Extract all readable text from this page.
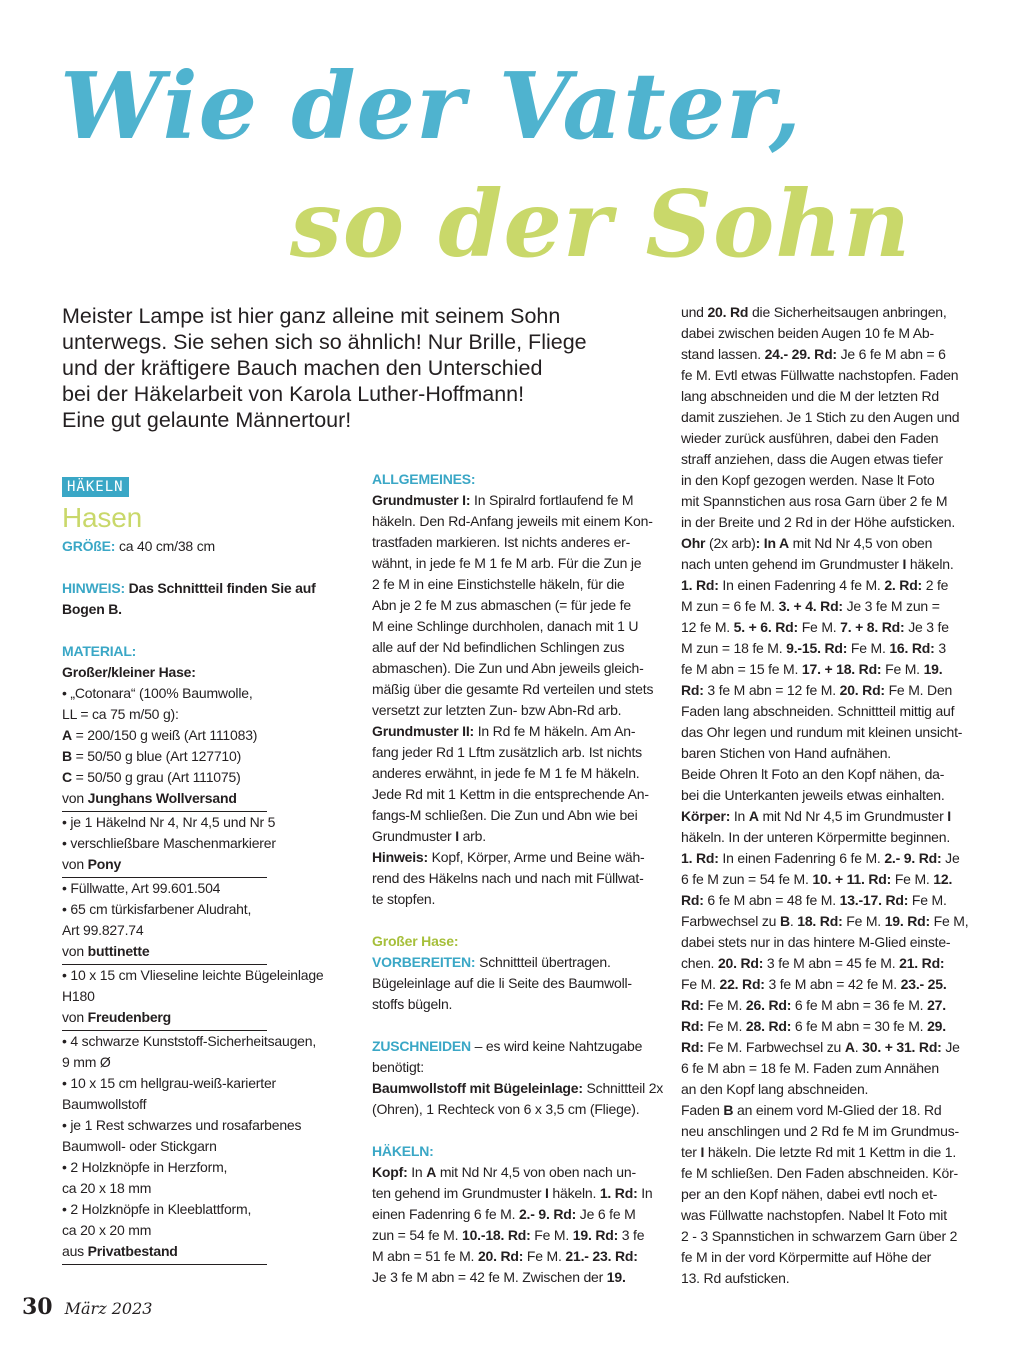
Wie der Vater,
so der Sohn
Meister Lampe ist hier ganz alleine mit seinem Sohn
unterwegs. Sie sehen sich so ähnlich! Nur Brille, Fliege
und der kräftigere Bauch machen den Unterschied
bei der Häkelarbeit von Karola Luther-Hoffmann!
Eine gut gelaunte Männertour!
HÄKELN
Hasen
GRÖßE: ca 40 cm/38 cm
HINWEIS: Das Schnittteil finden Sie auf
Bogen B.
MATERIAL:
Großer/kleiner Hase:
• „Cotonara“ (100% Baumwolle,
LL = ca 75 m/50 g):
A = 200/150 g weiß (Art 111083)
B = 50/50 g blue (Art 127710)
C = 50/50 g grau (Art 111075)
von Junghans Wollversand
• je 1 Häkelnd Nr 4, Nr 4,5 und Nr 5
• verschließbare Maschenmarkierer
von Pony
• Füllwatte, Art 99.601.504
• 65 cm türkisfarbener Aludraht,
Art 99.827.74
von buttinette
• 10 x 15 cm Vlieseline leichte Bügeleinlage
H180
von Freudenberg
• 4 schwarze Kunststoff-Sicherheitsaugen,
9 mm Ø
• 10 x 15 cm hellgrau-weiß-karierter
Baumwollstoff
• je 1 Rest schwarzes und rosafarbenes
Baumwoll- oder Stickgarn
• 2 Holzknöpfe in Herzform,
ca 20 x 18 mm
• 2 Holzknöpfe in Kleeblattform,
ca 20 x 20 mm
aus Privatbestand
ALLGEMEINES:
Grundmuster I: In Spiralrd fortlaufend fe M
häkeln. Den Rd-Anfang jeweils mit einem Kon-
trastfaden markieren. Ist nichts anderes er-
wähnt, in jede fe M 1 fe M arb. Für die Zun je
2 fe M in eine Einstichstelle häkeln, für die
Abn je 2 fe M zus abmaschen (= für jede fe
M eine Schlinge durchholen, danach mit 1 U
alle auf der Nd befindlichen Schlingen zus
abmaschen). Die Zun und Abn jeweils gleich-
mäßig über die gesamte Rd verteilen und stets
versetzt zur letzten Zun- bzw Abn-Rd arb.
Grundmuster II: In Rd fe M häkeln. Am An-
fang jeder Rd 1 Lftm zusätzlich arb. Ist nichts
anderes erwähnt, in jede fe M 1 fe M häkeln.
Jede Rd mit 1 Kettm in die entsprechende An-
fangs-M schließen. Die Zun und Abn wie bei
Grundmuster I arb.
Hinweis: Kopf, Körper, Arme und Beine wäh-
rend des Häkelns nach und nach mit Füllwat-
te stopfen.
Großer Hase:
VORBEREITEN: Schnittteil übertragen.
Bügeleinlage auf die li Seite des Baumwoll-
stoffs bügeln.
ZUSCHNEIDEN – es wird keine Nahtzugabe
benötigt:
Baumwollstoff mit Bügeleinlage: Schnittteil 2x
(Ohren), 1 Rechteck von 6 x 3,5 cm (Fliege).
HÄKELN:
Kopf: In A mit Nd Nr 4,5 von oben nach un-
ten gehend im Grundmuster I häkeln. 1. Rd: In
einen Fadenring 6 fe M. 2.- 9. Rd: Je 6 fe M
zun = 54 fe M. 10.-18. Rd: Fe M. 19. Rd: 3 fe
M abn = 51 fe M. 20. Rd: Fe M. 21.- 23. Rd:
Je 3 fe M abn = 42 fe M. Zwischen der 19.
und 20. Rd die Sicherheitsaugen anbringen,
dabei zwischen beiden Augen 10 fe M Ab-
stand lassen. 24.- 29. Rd: Je 6 fe M abn = 6
fe M. Evtl etwas Füllwatte nachstopfen. Faden
lang abschneiden und die M der letzten Rd
damit zusziehen. Je 1 Stich zu den Augen und
wieder zurück ausführen, dabei den Faden
straff anziehen, dass die Augen etwas tiefer
in den Kopf gezogen werden. Nase lt Foto
mit Spannstichen aus rosa Garn über 2 fe M
in der Breite und 2 Rd in der Höhe aufsticken.
Ohr (2x arb): In A mit Nd Nr 4,5 von oben
nach unten gehend im Grundmuster I häkeln.
1. Rd: In einen Fadenring 4 fe M. 2. Rd: 2 fe
M zun = 6 fe M. 3. + 4. Rd: Je 3 fe M zun =
12 fe M. 5. + 6. Rd: Fe M. 7. + 8. Rd: Je 3 fe
M zun = 18 fe M. 9.-15. Rd: Fe M. 16. Rd: 3
fe M abn = 15 fe M. 17. + 18. Rd: Fe M. 19.
Rd: 3 fe M abn = 12 fe M. 20. Rd: Fe M. Den
Faden lang abschneiden. Schnittteil mittig auf
das Ohr legen und rundum mit kleinen unsicht-
baren Stichen von Hand aufnähen.
Beide Ohren lt Foto an den Kopf nähen, da-
bei die Unterkanten jeweils etwas einhalten.
Körper: In A mit Nd Nr 4,5 im Grundmuster I
häkeln. In der unteren Körpermitte beginnen.
1. Rd: In einen Fadenring 6 fe M. 2.- 9. Rd: Je
6 fe M zun = 54 fe M. 10. + 11. Rd: Fe M. 12.
Rd: 6 fe M abn = 48 fe M. 13.-17. Rd: Fe M.
Farbwechsel zu B. 18. Rd: Fe M. 19. Rd: Fe M,
dabei stets nur in das hintere M-Glied einste-
chen. 20. Rd: 3 fe M abn = 45 fe M. 21. Rd:
Fe M. 22. Rd: 3 fe M abn = 42 fe M. 23.- 25.
Rd: Fe M. 26. Rd: 6 fe M abn = 36 fe M. 27.
Rd: Fe M. 28. Rd: 6 fe M abn = 30 fe M. 29.
Rd: Fe M. Farbwechsel zu A. 30. + 31. Rd: Je
6 fe M abn = 18 fe M. Faden zum Annähen
an den Kopf lang abschneiden.
Faden B an einem vord M-Glied der 18. Rd
neu anschlingen und 2 Rd fe M im Grundmus-
ter I häkeln. Die letzte Rd mit 1 Kettm in die 1.
fe M schließen. Den Faden abschneiden. Kör-
per an den Kopf nähen, dabei evtl noch et-
was Füllwatte nachstopfen. Nabel lt Foto mit
2 - 3 Spannstichen in schwarzem Garn über 2
fe M in der vord Körpermitte auf Höhe der
13. Rd aufsticken.
30 März 2023
